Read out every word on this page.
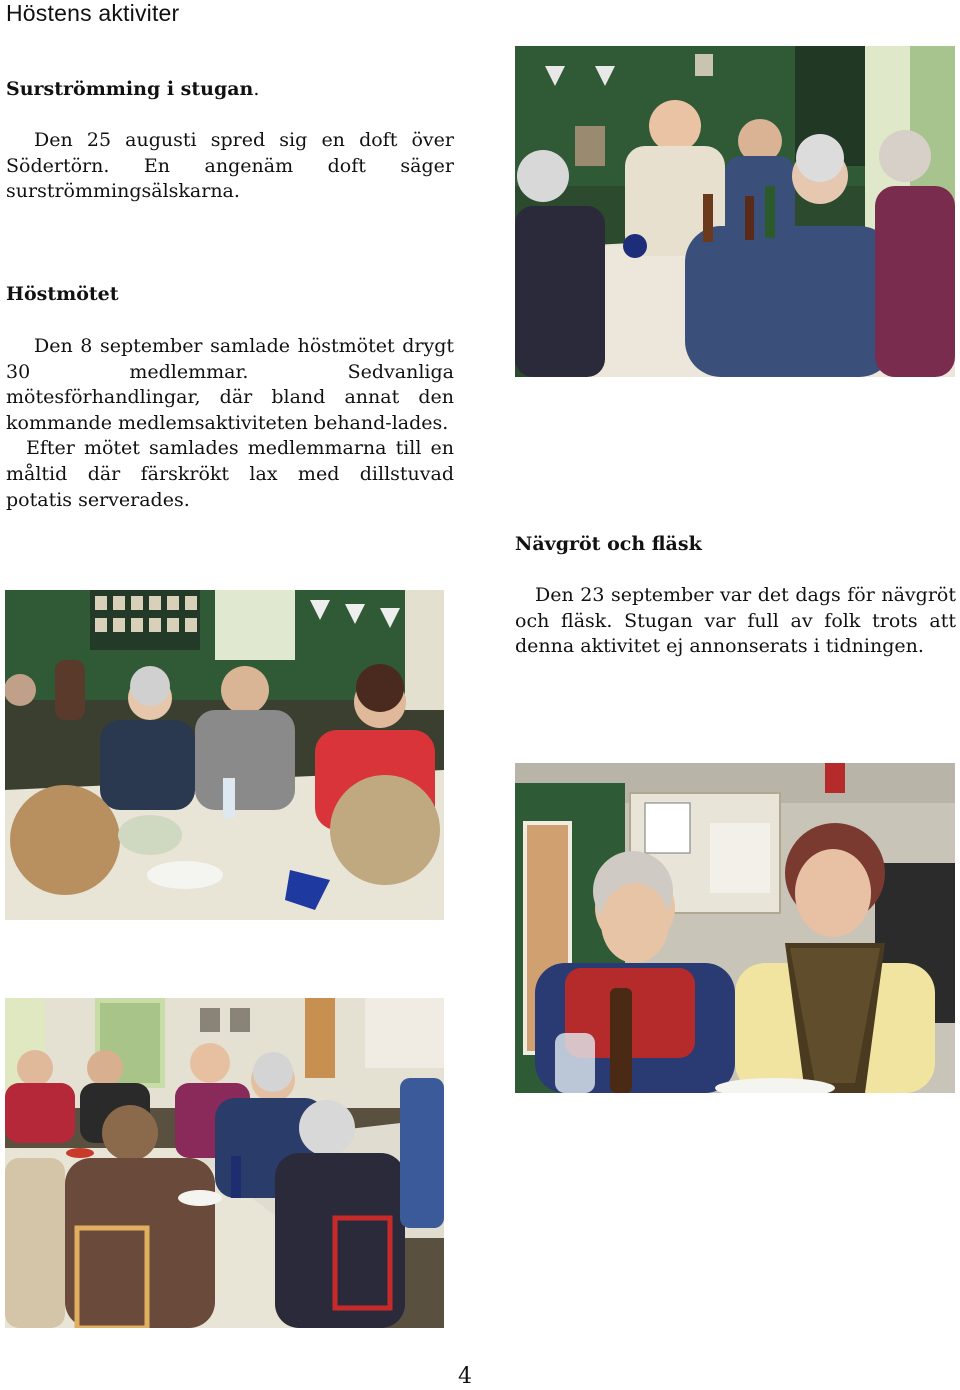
Höstens aktiviter
Surströmming i stugan.

Den 25 augusti spred sig en doft över Södertörn. En angenäm doft säger surströmmingsälskarna.

Höstmötet

Den 8 september samlade höstmötet drygt 30 medlemmar. Sedvanliga mötesförhandlingar, där bland annat den kommande medlemsaktiviteten behand-lades.

Efter mötet samlades medlemmarna till en måltid där färskrökt lax med dillstuvad potatis serverades.

Nävgröt och fläsk

Den 23 september var det dags för nävgröt och fläsk. Stugan var full av folk trots att denna aktivitet ej annonserats i tidningen.

4
